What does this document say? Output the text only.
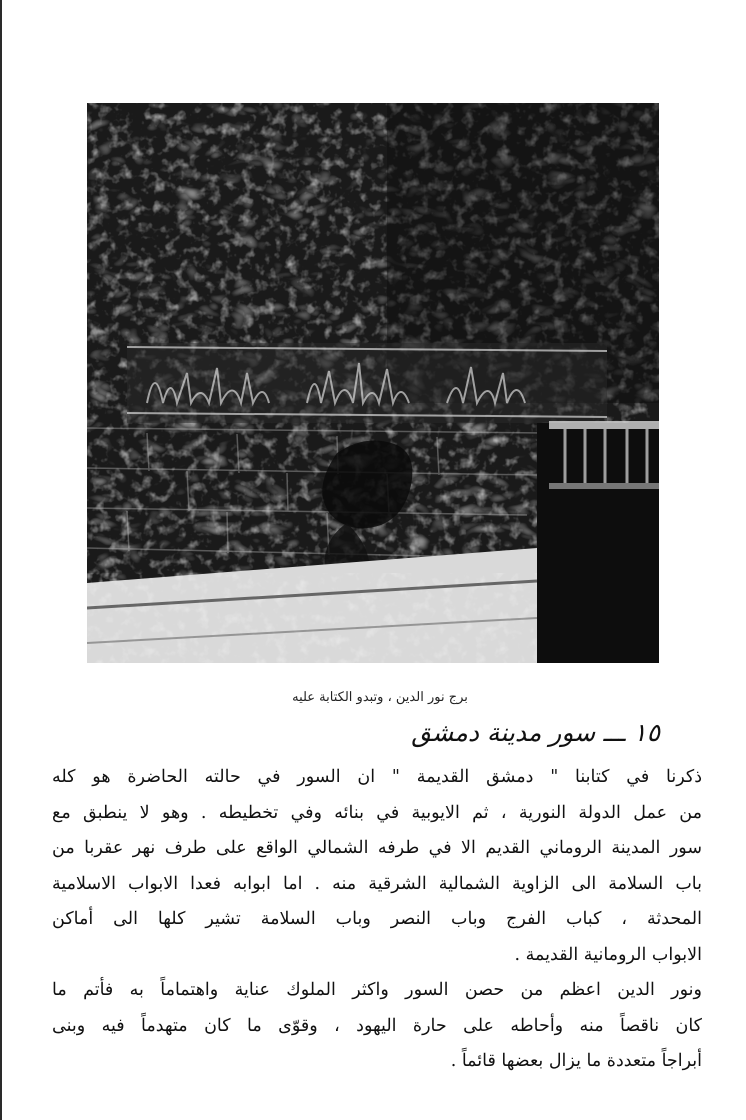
برج نور الدين ، وتبدو الكتابة عليه
١٥ ـــ سور مدينة دمشق

ذكرنا في كتابنا " دمشق القديمة " ان السور في حالته الحاضرة هو كله
من عمل الدولة النورية ، ثم الايوبية في بنائه وفي تخطيطه . وهو لا ينطبق مع
سور المدينة الروماني القديم الا في طرفه الشمالي الواقع على طرف نهر عقربا من
باب السلامة الى الزاوية الشمالية الشرقية منه . اما ابوابه فعدا الابواب الاسلامية
المحدثة ، كباب الفرج وباب النصر وباب السلامة تشير كلها الى أماكن
الابواب الرومانية القديمة .

ونور الدين اعظم من حصن السور واكثر الملوك عناية واهتماماً به فأتم ما
كان ناقصاً منه وأحاطه على حارة اليهود ، وقوّى ما كان متهدماً فيه وبنى
أبراجاً متعددة ما يزال بعضها قائماً .
